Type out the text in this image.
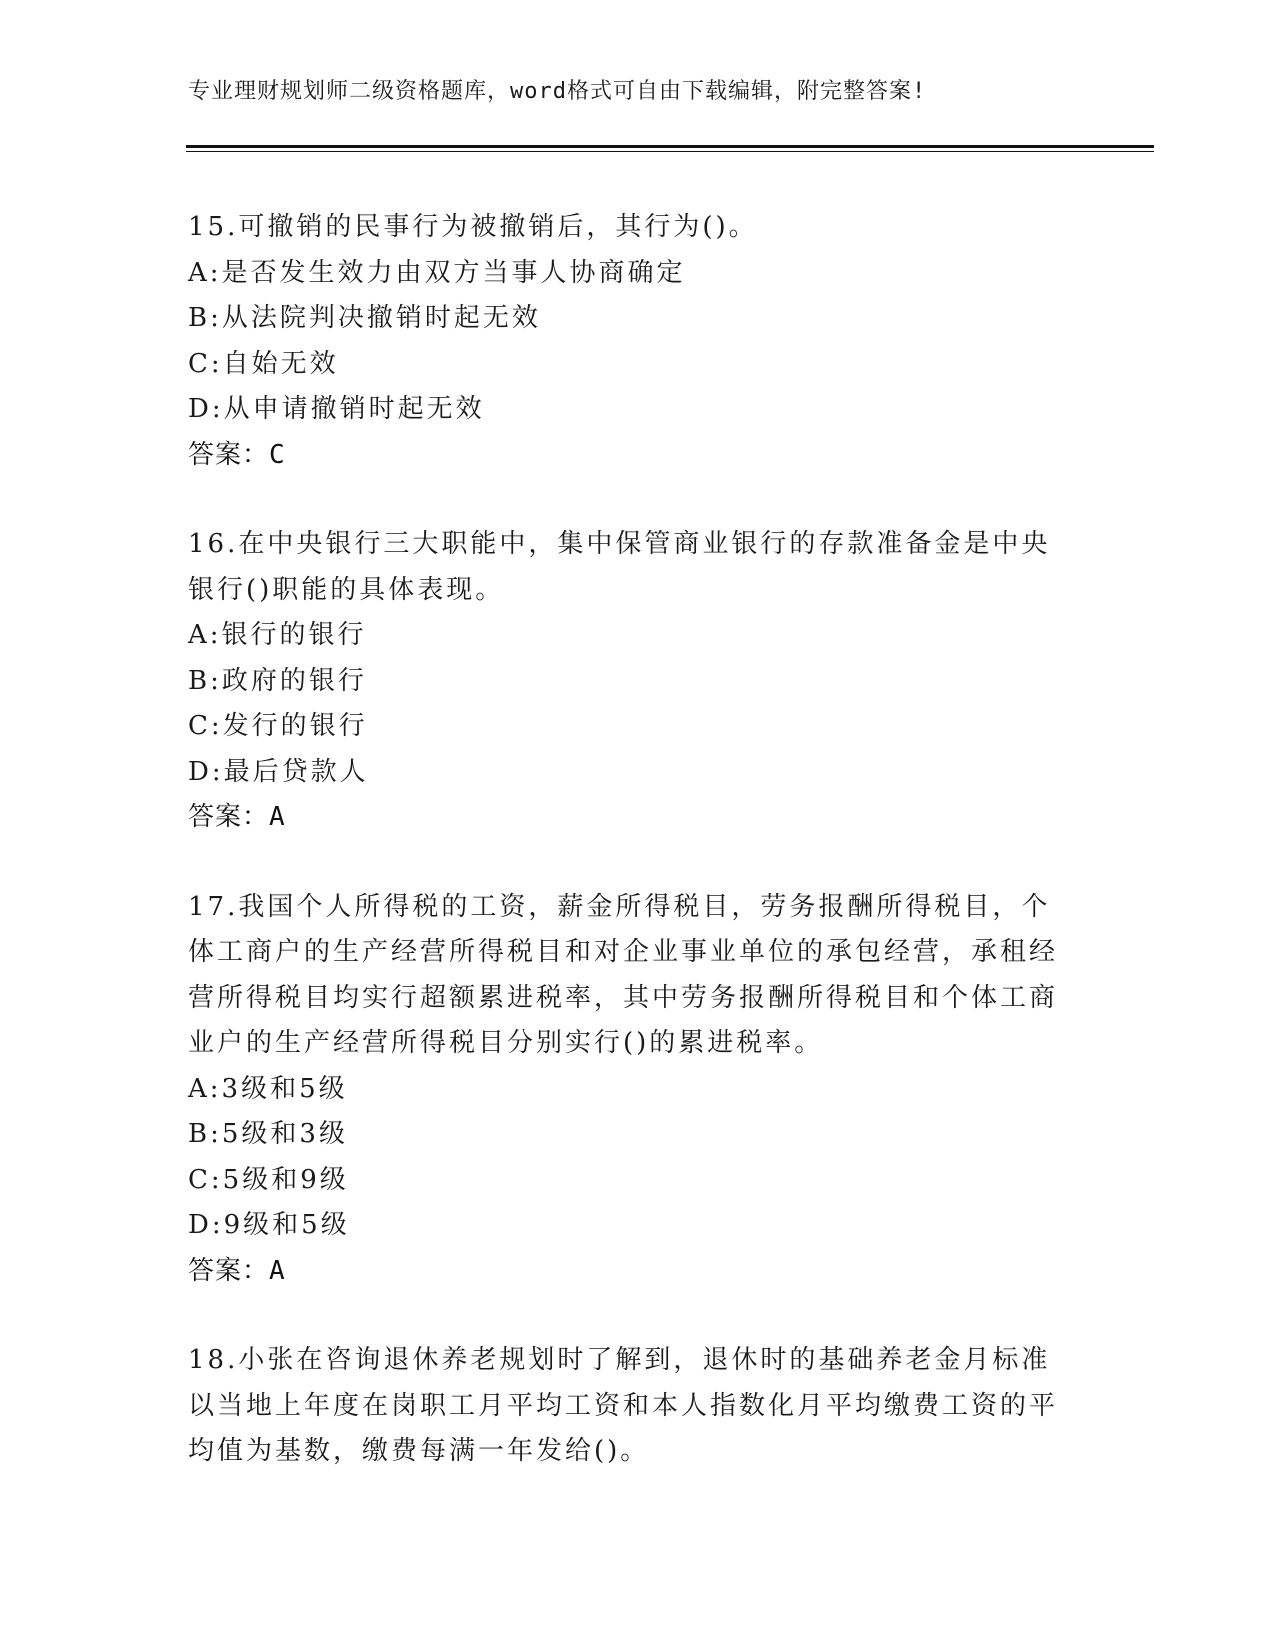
专业理财规划师二级资格题库，word格式可自由下载编辑，附完整答案!

15.可撤销的民事行为被撤销后，其行为()。

A:是否发生效力由双方当事人协商确定

B:从法院判决撤销时起无效

C:自始无效

D:从申请撤销时起无效

答案：C

16.在中央银行三大职能中，集中保管商业银行的存款准备金是中央银行()职能的具体表现。

A:银行的银行

B:政府的银行

C:发行的银行

D:最后贷款人

答案：A

17.我国个人所得税的工资，薪金所得税目，劳务报酬所得税目，个体工商户的生产经营所得税目和对企业事业单位的承包经营，承租经营所得税目均实行超额累进税率，其中劳务报酬所得税目和个体工商业户的生产经营所得税目分别实行()的累进税率。

A:3级和5级

B:5级和3级

C:5级和9级

D:9级和5级

答案：A

18.小张在咨询退休养老规划时了解到，退休时的基础养老金月标准以当地上年度在岗职工月平均工资和本人指数化月平均缴费工资的平均值为基数，缴费每满一年发给()。
